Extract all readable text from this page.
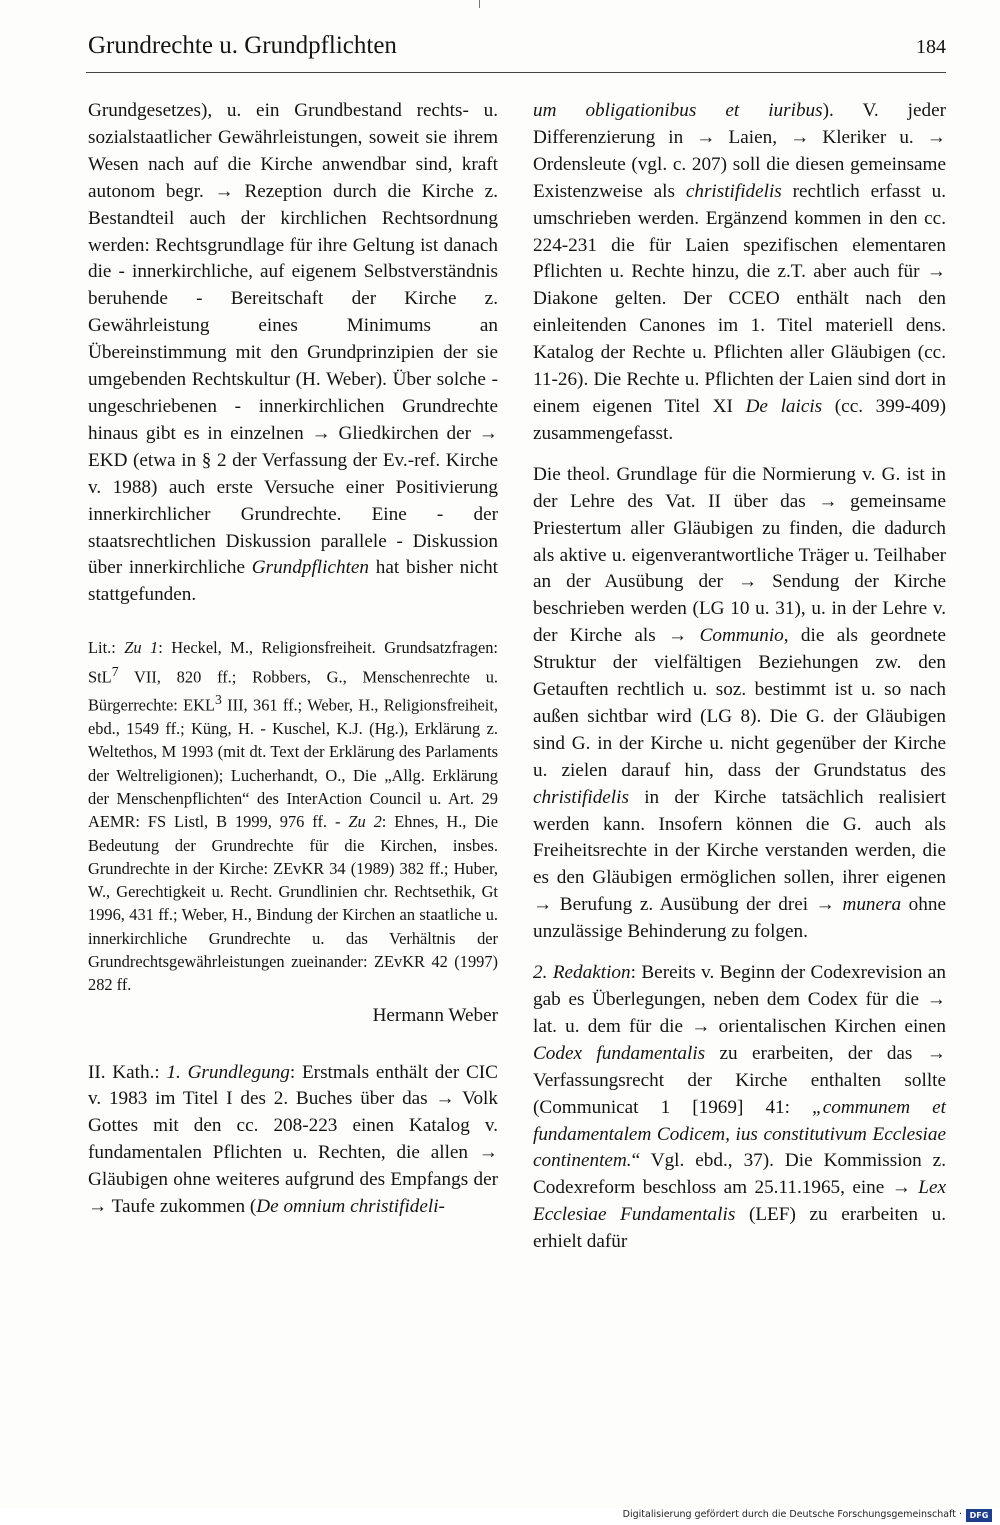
Grundrechte u. Grundpflichten	184

Grundgesetzes), u. ein Grundbestand rechts- u. sozialstaatlicher Gewährleistungen, soweit sie ihrem Wesen nach auf die Kirche anwendbar sind, kraft autonom begr. → Rezeption durch die Kirche z. Bestandteil auch der kirchlichen Rechtsordnung werden: Rechtsgrundlage für ihre Geltung ist danach die - innerkirchliche, auf eigenem Selbstverständnis beruhende - Bereitschaft der Kirche z. Gewährleistung eines Minimums an Übereinstimmung mit den Grundprinzipien der sie umgebenden Rechtskultur (H. Weber). Über solche - ungeschriebenen - innerkirchlichen Grundrechte hinaus gibt es in einzelnen → Gliedkirchen der → EKD (etwa in § 2 der Verfassung der Ev.-ref. Kirche v. 1988) auch erste Versuche einer Positivierung innerkirchlicher Grundrechte. Eine - der staatsrechtlichen Diskussion parallele - Diskussion über innerkirchliche Grundpflichten hat bisher nicht stattgefunden.

Lit.: Zu 1: Heckel, M., Religionsfreiheit. Grundsatzfragen: StL$^7$ VII, 820 ff.; Robbers, G., Menschenrechte u. Bürgerrechte: EKL$^3$ III, 361 ff.; Weber, H., Religionsfreiheit, ebd., 1549 ff.; Küng, H. - Kuschel, K.J. (Hg.), Erklärung z. Weltethos, M 1993 (mit dt. Text der Erklärung des Parlaments der Weltreligionen); Lucherhandt, O., Die „Allg. Erklärung der Menschenpflichten“ des InterAction Council u. Art. 29 AEMR: FS Listl, B 1999, 976 ff. - Zu 2: Ehnes, H., Die Bedeutung der Grundrechte für die Kirchen, insbes. Grundrechte in der Kirche: ZEvKR 34 (1989) 382 ff.; Huber, W., Gerechtigkeit u. Recht. Grundlinien chr. Rechtsethik, Gt 1996, 431 ff.; Weber, H., Bindung der Kirchen an staatliche u. innerkirchliche Grundrechte u. das Verhältnis der Grundrechtsgewährleistungen zueinander: ZEvKR 42 (1997) 282 ff.

Hermann Weber

II. Kath.: 1. Grundlegung: Erstmals enthält der CIC v. 1983 im Titel I des 2. Buches über das → Volk Gottes mit den cc. 208-223 einen Katalog v. fundamentalen Pflichten u. Rechten, die allen → Gläubigen ohne weiteres aufgrund des Empfangs der → Taufe zukommen (De omnium christifideli-

um obligationibus et iuribus). V. jeder Differenzierung in → Laien, → Kleriker u. → Ordensleute (vgl. c. 207) soll die diesen gemeinsame Existenzweise als christifidelis rechtlich erfasst u. umschrieben werden. Ergänzend kommen in den cc. 224-231 die für Laien spezifischen elementaren Pflichten u. Rechte hinzu, die z.T. aber auch für → Diakone gelten. Der CCEO enthält nach den einleitenden Canones im 1. Titel materiell dens. Katalog der Rechte u. Pflichten aller Gläubigen (cc. 11-26). Die Rechte u. Pflichten der Laien sind dort in einem eigenen Titel XI De laicis (cc. 399-409) zusammengefasst.

Die theol. Grundlage für die Normierung v. G. ist in der Lehre des Vat. II über das → gemeinsame Priestertum aller Gläubigen zu finden, die dadurch als aktive u. eigenverantwortliche Träger u. Teilhaber an der Ausübung der → Sendung der Kirche beschrieben werden (LG 10 u. 31), u. in der Lehre v. der Kirche als → Communio, die als geordnete Struktur der vielfältigen Beziehungen zw. den Getauften rechtlich u. soz. bestimmt ist u. so nach außen sichtbar wird (LG 8). Die G. der Gläubigen sind G. in der Kirche u. nicht gegenüber der Kirche u. zielen darauf hin, dass der Grundstatus des christifidelis in der Kirche tatsächlich realisiert werden kann. Insofern können die G. auch als Freiheitsrechte in der Kirche verstanden werden, die es den Gläubigen ermöglichen sollen, ihrer eigenen → Berufung z. Ausübung der drei → munera ohne unzulässige Behinderung zu folgen.

2. Redaktion: Bereits v. Beginn der Codexrevision an gab es Überlegungen, neben dem Codex für die → lat. u. dem für die → orientalischen Kirchen einen Codex fundamentalis zu erarbeiten, der das → Verfassungsrecht der Kirche enthalten sollte (Communicat 1 [1969] 41: „communem et fundamentalem Codicem, ius constitutivum Ecclesiae continentem.“ Vgl. ebd., 37). Die Kommission z. Codexreform beschloss am 25.11.1965, eine → Lex Ecclesiae Fundamentalis (LEF) zu erarbeiten u. erhielt dafür

Digitalisierung gefördert durch die Deutsche Forschungsgemeinschaft · DFG
